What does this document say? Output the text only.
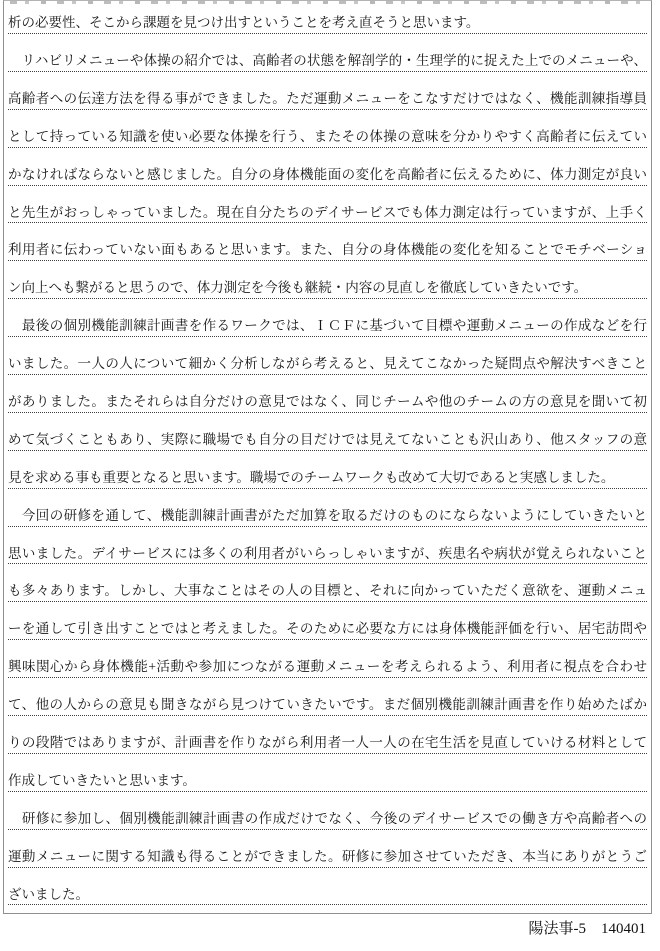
析の必要性、そこから課題を見つけ出すということを考え直そうと思います。
　リハビリメニューや体操の紹介では、高齢者の状態を解剖学的・生理学的に捉えた上でのメニューや、
高齢者への伝達方法を得る事ができました。ただ運動メニューをこなすだけではなく、機能訓練指導員
として持っている知識を使い必要な体操を行う、またその体操の意味を分かりやすく高齢者に伝えてい
かなければならないと感じました。自分の身体機能面の変化を高齢者に伝えるために、体力測定が良い
と先生がおっしゃっていました。現在自分たちのデイサービスでも体力測定は行っていますが、上手く
利用者に伝わっていない面もあると思います。また、自分の身体機能の変化を知ることでモチベーショ
ン向上へも繋がると思うので、体力測定を今後も継続・内容の見直しを徹底していきたいです。
　最後の個別機能訓練計画書を作るワークでは、ＩＣＦに基づいて目標や運動メニューの作成などを行
いました。一人の人について細かく分析しながら考えると、見えてこなかった疑問点や解決すべきこと
がありました。またそれらは自分だけの意見ではなく、同じチームや他のチームの方の意見を聞いて初
めて気づくこともあり、実際に職場でも自分の目だけでは見えてないことも沢山あり、他スタッフの意
見を求める事も重要となると思います。職場でのチームワークも改めて大切であると実感しました。
　今回の研修を通して、機能訓練計画書がただ加算を取るだけのものにならないようにしていきたいと
思いました。デイサービスには多くの利用者がいらっしゃいますが、疾患名や病状が覚えられないこと
も多々あります。しかし、大事なことはその人の目標と、それに向かっていただく意欲を、運動メニュ
ーを通して引き出すことではと考えました。そのために必要な方には身体機能評価を行い、居宅訪問や
興味関心から身体機能+活動や参加につながる運動メニューを考えられるよう、利用者に視点を合わせ
て、他の人からの意見も聞きながら見つけていきたいです。まだ個別機能訓練計画書を作り始めたばか
りの段階ではありますが、計画書を作りながら利用者一人一人の在宅生活を見直していける材料として
作成していきたいと思います。
　研修に参加し、個別機能訓練計画書の作成だけでなく、今後のデイサービスでの働き方や高齢者への
運動メニューに関する知識も得ることができました。研修に参加させていただき、本当にありがとうご
ざいました。
陽法事-5　140401
